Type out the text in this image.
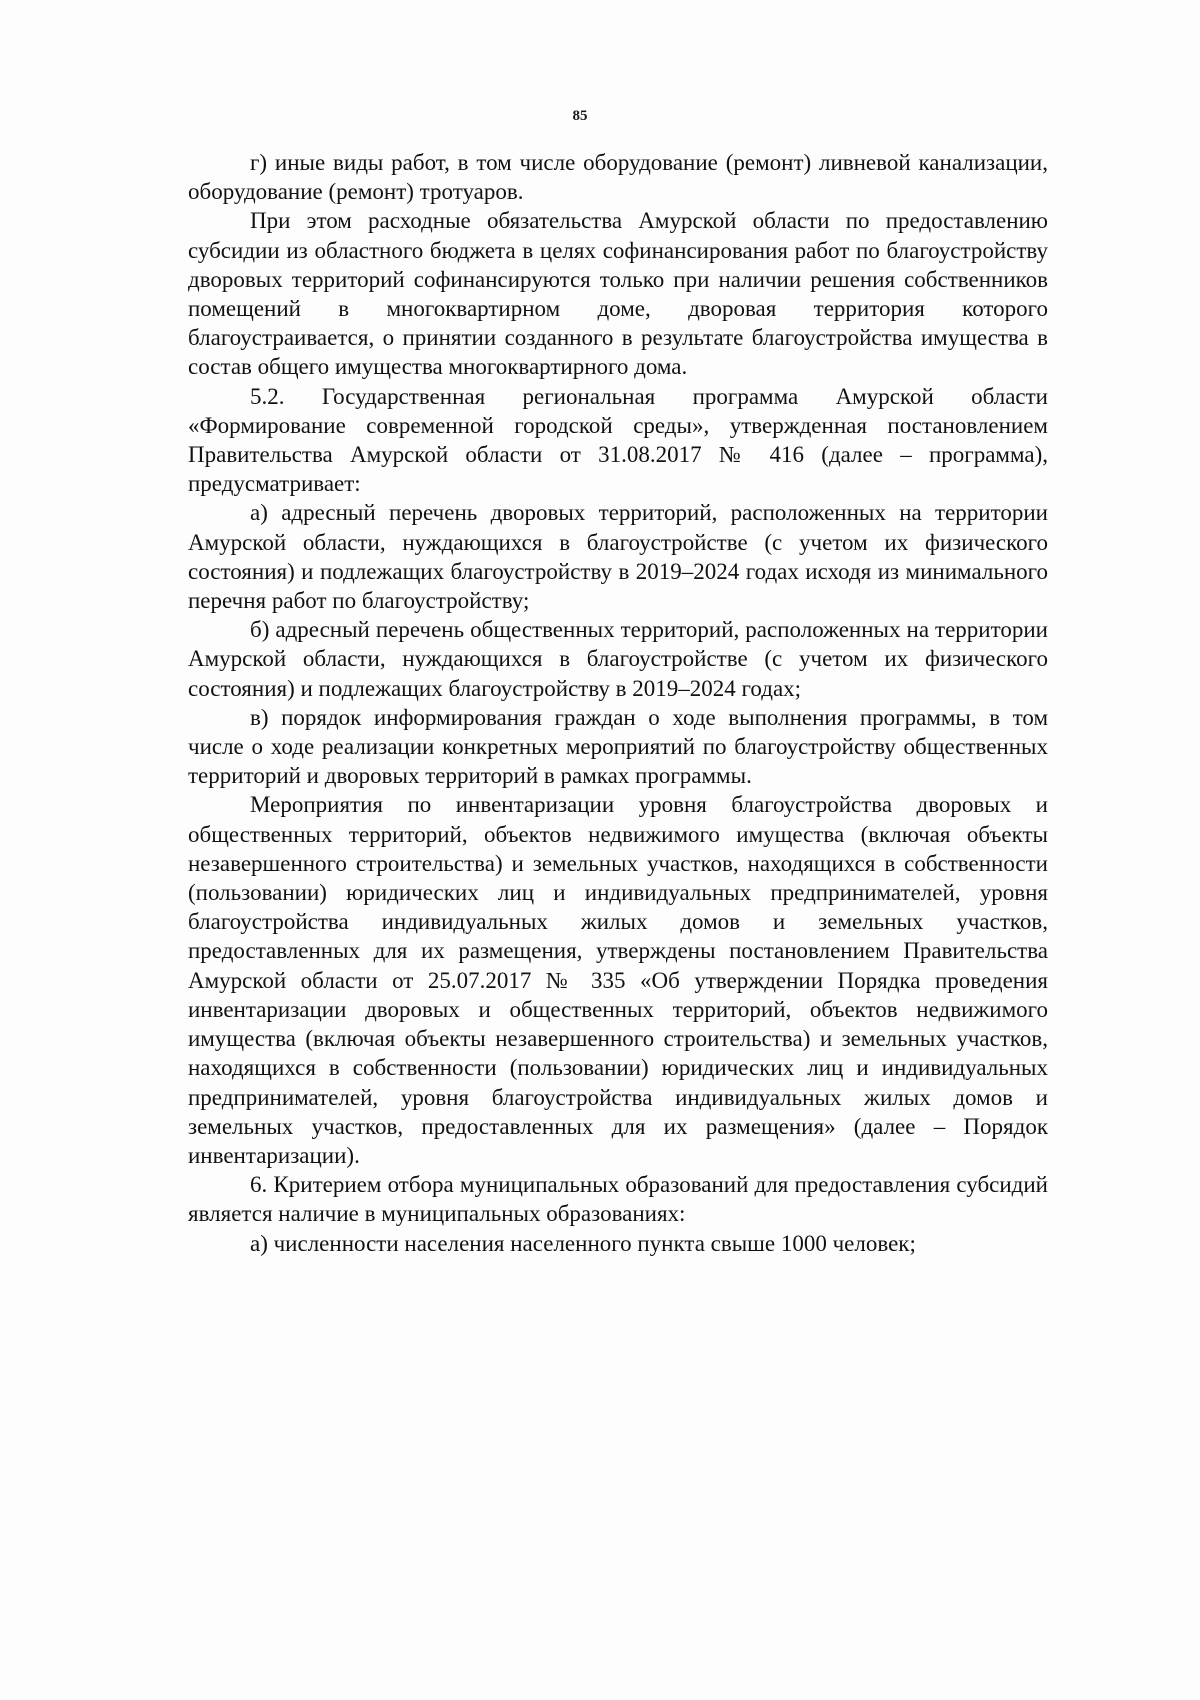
85

г) иные виды работ, в том числе оборудование (ремонт) ливневой канализации, оборудование (ремонт) тротуаров.

При этом расходные обязательства Амурской области по предоставлению субсидии из областного бюджета в целях софинансирования работ по благоустройству дворовых территорий софинансируются только при наличии решения собственников помещений в многоквартирном доме, дворовая территория которого благоустраивается, о принятии созданного в результате благоустройства имущества в состав общего имущества многоквартирного дома.

5.2. Государственная региональная программа Амурской области «Формирование современной городской среды», утвержденная постановлением Правительства Амурской области от 31.08.2017 № 416 (далее – программа), предусматривает:

а) адресный перечень дворовых территорий, расположенных на территории Амурской области, нуждающихся в благоустройстве (с учетом их физического состояния) и подлежащих благоустройству в 2019–2024 годах исходя из минимального перечня работ по благоустройству;

б) адресный перечень общественных территорий, расположенных на территории Амурской области, нуждающихся в благоустройстве (с учетом их физического состояния) и подлежащих благоустройству в 2019–2024 годах;

в) порядок информирования граждан о ходе выполнения программы, в том числе о ходе реализации конкретных мероприятий по благоустройству общественных территорий и дворовых территорий в рамках программы.

Мероприятия по инвентаризации уровня благоустройства дворовых и общественных территорий, объектов недвижимого имущества (включая объекты незавершенного строительства) и земельных участков, находящихся в собственности (пользовании) юридических лиц и индивидуальных предпринимателей, уровня благоустройства индивидуальных жилых домов и земельных участков, предоставленных для их размещения, утверждены постановлением Правительства Амурской области от 25.07.2017 № 335 «Об утверждении Порядка проведения инвентаризации дворовых и общественных территорий, объектов недвижимого имущества (включая объекты незавершенного строительства) и земельных участков, находящихся в собственности (пользовании) юридических лиц и индивидуальных предпринимателей, уровня благоустройства индивидуальных жилых домов и земельных участков, предоставленных для их размещения» (далее – Порядок инвентаризации).

6. Критерием отбора муниципальных образований для предоставления субсидий является наличие в муниципальных образованиях:

а) численности населения населенного пункта свыше 1000 человек;
